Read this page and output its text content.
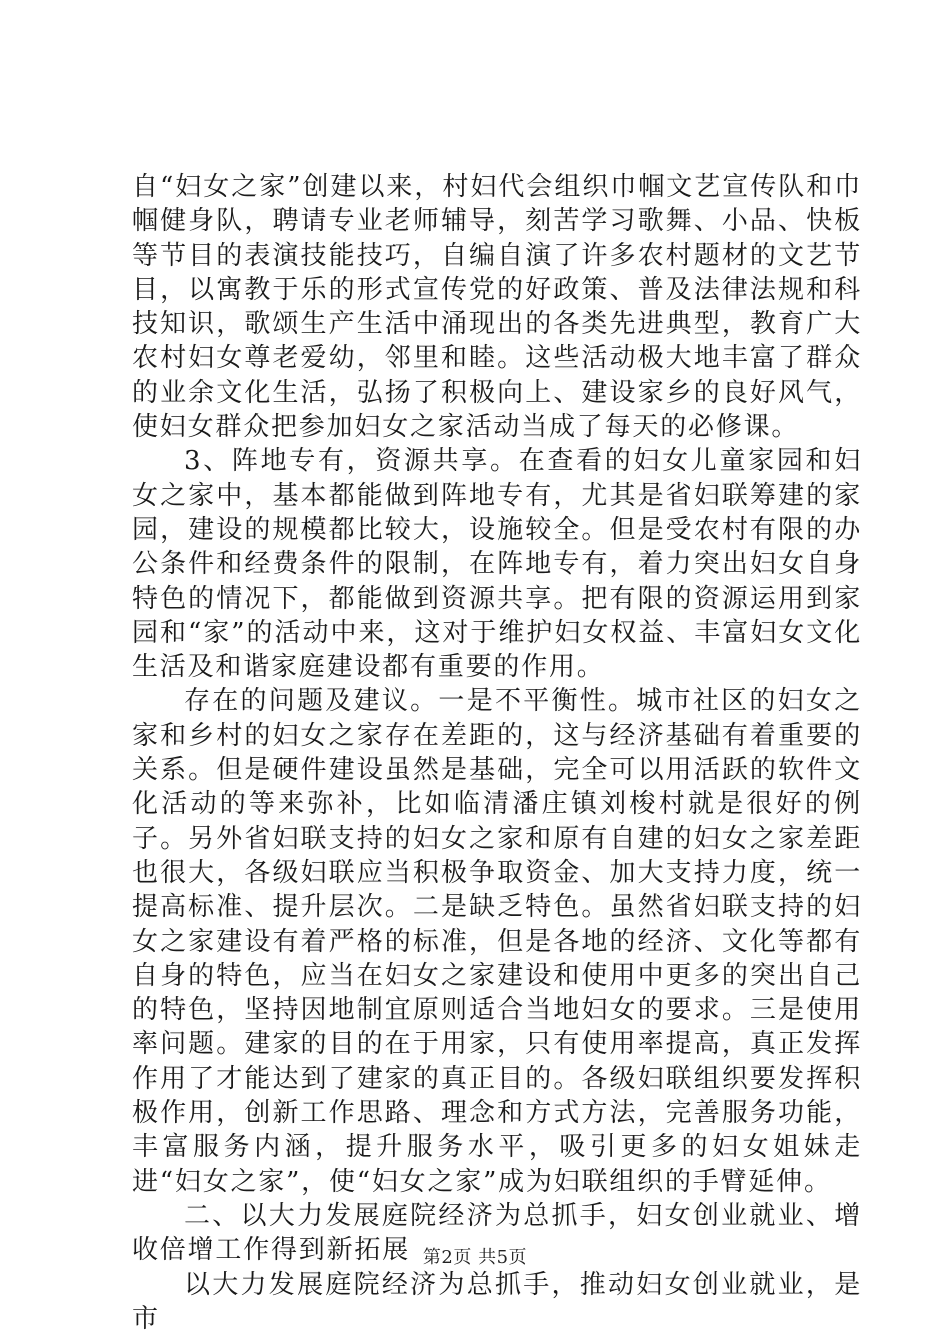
自“妇女之家”创建以来，村妇代会组织巾帼文艺宣传队和巾帼健身队，聘请专业老师辅导，刻苦学习歌舞、小品、快板等节目的表演技能技巧，自编自演了许多农村题材的文艺节目，以寓教于乐的形式宣传党的好政策、普及法律法规和科技知识，歌颂生产生活中涌现出的各类先进典型，教育广大农村妇女尊老爱幼，邻里和睦。这些活动极大地丰富了群众的业余文化生活，弘扬了积极向上、建设家乡的良好风气，使妇女群众把参加妇女之家活动当成了每天的必修课。

3、阵地专有，资源共享。在查看的妇女儿童家园和妇女之家中，基本都能做到阵地专有，尤其是省妇联筹建的家园，建设的规模都比较大，设施较全。但是受农村有限的办公条件和经费条件的限制，在阵地专有，着力突出妇女自身特色的情况下，都能做到资源共享。把有限的资源运用到家园和“家”的活动中来，这对于维护妇女权益、丰富妇女文化生活及和谐家庭建设都有重要的作用。

存在的问题及建议。一是不平衡性。城市社区的妇女之家和乡村的妇女之家存在差距的，这与经济基础有着重要的关系。但是硬件建设虽然是基础，完全可以用活跃的软件文化活动的等来弥补，比如临清潘庄镇刘梭村就是很好的例子。另外省妇联支持的妇女之家和原有自建的妇女之家差距也很大，各级妇联应当积极争取资金、加大支持力度，统一提高标准、提升层次。二是缺乏特色。虽然省妇联支持的妇女之家建设有着严格的标准，但是各地的经济、文化等都有自身的特色，应当在妇女之家建设和使用中更多的突出自己的特色，坚持因地制宜原则适合当地妇女的要求。三是使用率问题。建家的目的在于用家，只有使用率提高，真正发挥作用了才能达到了建家的真正目的。各级妇联组织要发挥积极作用，创新工作思路、理念和方式方法，完善服务功能，丰富服务内涵，提升服务水平，吸引更多的妇女姐妹走进“妇女之家”，使“妇女之家”成为妇联组织的手臂延伸。

二、以大力发展庭院经济为总抓手，妇女创业就业、增收倍增工作得到新拓展

以大力发展庭院经济为总抓手，推动妇女创业就业，是市

第2页 共5页
